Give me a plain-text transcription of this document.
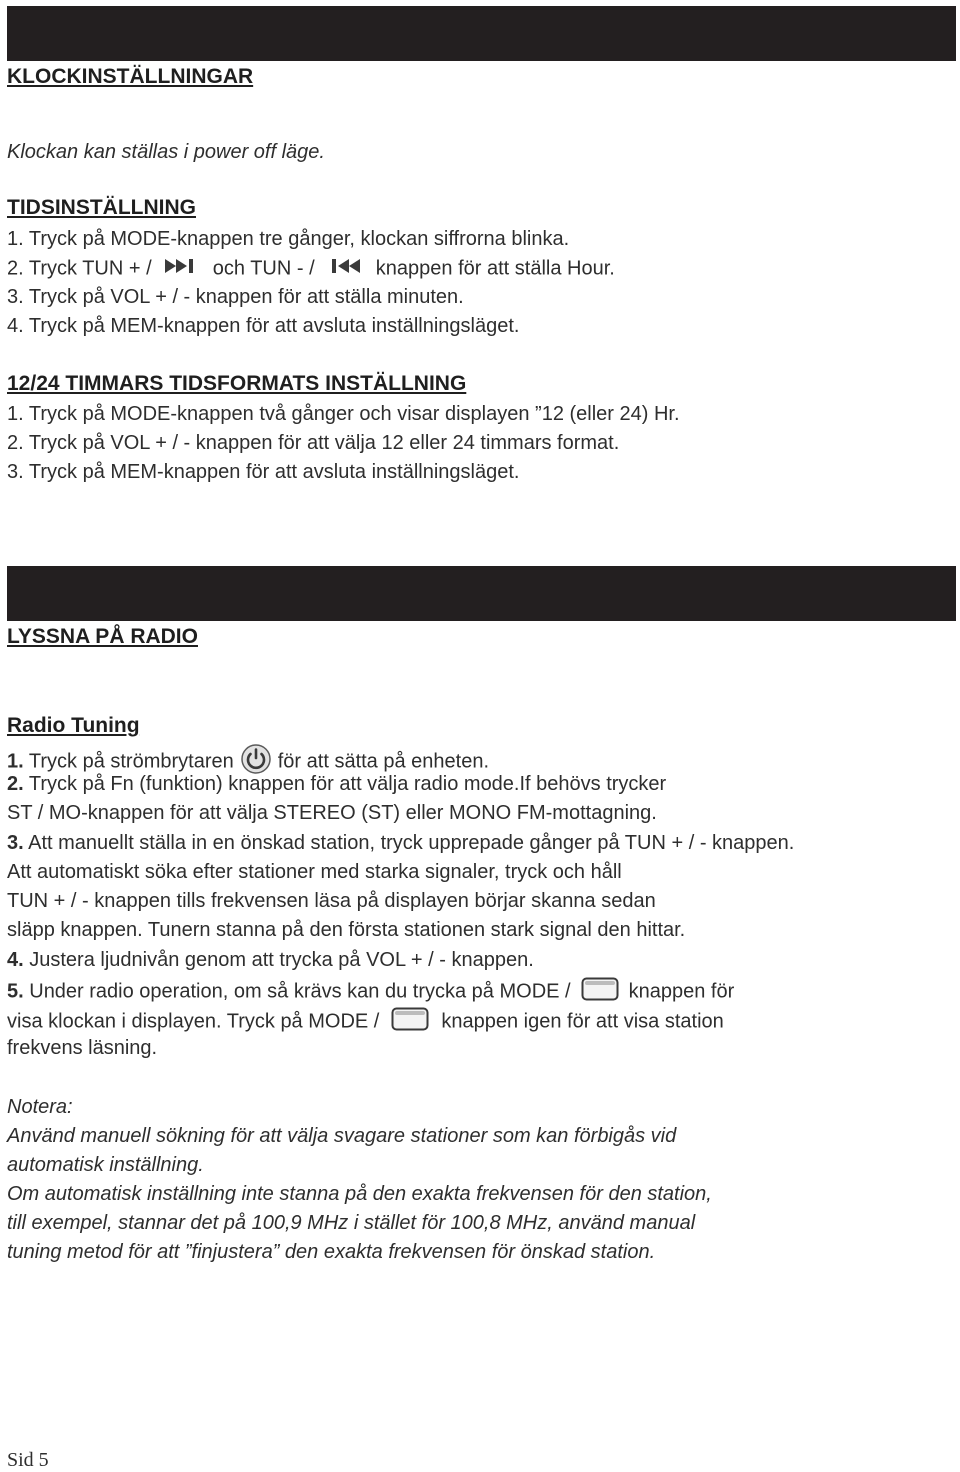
KLOCKINSTÄLLNINGAR
Klockan kan ställas i power off läge.
TIDSINSTÄLLNING
1. Tryck på MODE-knappen tre gånger, klockan siffrorna blinka.
2. Tryck TUN + /	och TUN - /	knappen för att ställa Hour.
3. Tryck på VOL + / - knappen för att ställa minuten.
4. Tryck på MEM-knappen för att avsluta inställningsläget.
12/24 TIMMARS TIDSFORMATS INSTÄLLNING
1. Tryck på MODE-knappen två gånger och visar displayen ”12 (eller 24) Hr.
2. Tryck på VOL + / - knappen för att välja 12 eller 24 timmars format.
3. Tryck på MEM-knappen för att avsluta inställningsläget.
LYSSNA PÅ RADIO
Radio Tuning
1. Tryck på strömbrytaren för att sätta på enheten.
2. Tryck på Fn (funktion) knappen för att välja radio mode.If behövs trycker
ST / MO-knappen för att välja STEREO (ST) eller MONO FM-mottagning.
3. Att manuellt ställa in en önskad station, tryck upprepade gånger på TUN + / - knappen.
Att automatiskt söka efter stationer med starka signaler, tryck och håll
TUN + / - knappen tills frekvensen läsa på displayen börjar skanna sedan
släpp knappen. Tunern stanna på den första stationen stark signal den hittar.
4. Justera ljudnivån genom att trycka på VOL + / - knappen.
5. Under radio operation, om så krävs kan du trycka på MODE /	knappen för
visa klockan i displayen. Tryck på MODE /	knappen igen för att visa station
frekvens läsning.
Notera:
Använd manuell sökning för att välja svagare stationer som kan förbigås vid
automatisk inställning.
Om automatisk inställning inte stanna på den exakta frekvensen för den station,
till exempel, stannar det på 100,9 MHz i stället för 100,8 MHz, använd manual
tuning metod för att ”finjustera” den exakta frekvensen för önskad station.
Sid 5
